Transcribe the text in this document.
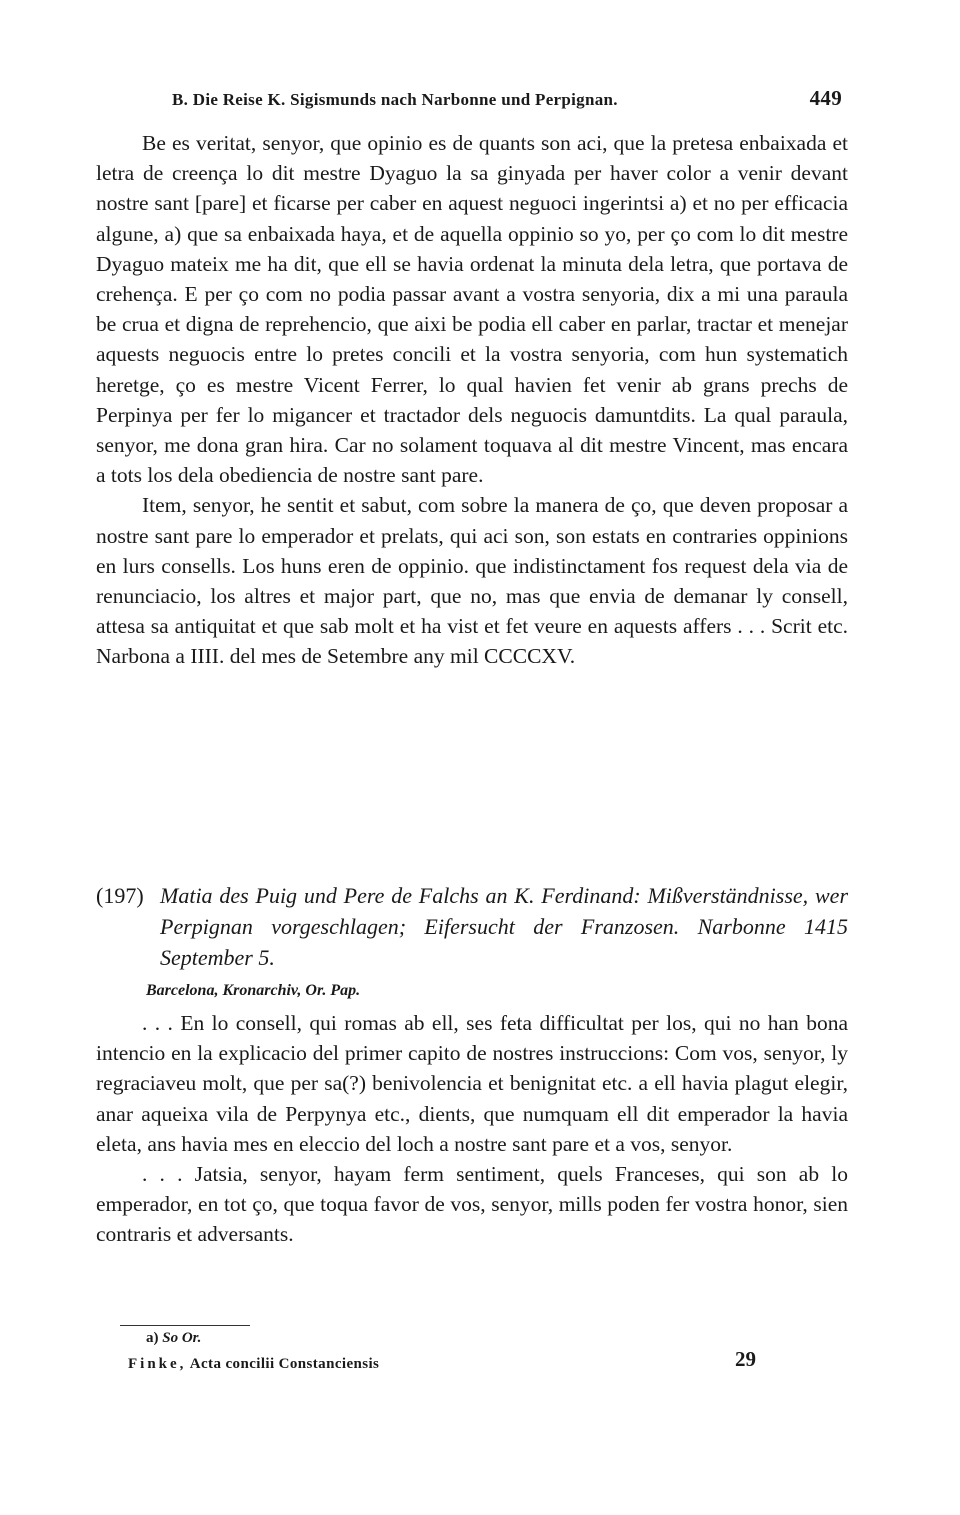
B. Die Reise K. Sigismunds nach Narbonne und Perpignan.	449

Be es veritat, senyor, que opinio es de quants son aci, que la pretesa enbaixada et letra de creença lo dit mestre Dyaguo la sa ginyada per haver color a venir devant nostre sant [pare] et ficarse per caber en aquest neguoci ingerintsi a) et no per efficacia algune, a) que sa enbaixada haya, et de aquella oppinio so yo, per ço com lo dit mestre Dyaguo mateix me ha dit, que ell se havia ordenat la minuta dela letra, que portava de crehença. E per ço com no podia passar avant a vostra senyoria, dix a mi una paraula be crua et digna de reprehencio, que aixi be podia ell caber en parlar, tractar et menejar aquests neguocis entre lo pretes concili et la vostra senyoria, com hun systematich heretge, ço es mestre Vicent Ferrer, lo qual havien fet venir ab grans prechs de Perpinya per fer lo migancer et tractador dels neguocis damuntdits. La qual paraula, senyor, me dona gran hira. Car no solament toquava al dit mestre Vincent, mas encara a tots los dela obediencia de nostre sant pare.

Item, senyor, he sentit et sabut, com sobre la manera de ço, que deven proposar a nostre sant pare lo emperador et prelats, qui aci son, son estats en contraries oppinions en lurs consells. Los huns eren de oppinio. que indistinctament fos request dela via de renunciacio, los altres et major part, que no, mas que envia de demanar ly consell, attesa sa antiquitat et que sab molt et ha vist et fet veure en aquests affers . . . Scrit etc. Narbona a IIII. del mes de Setembre any mil CCCCXV.

(197) Matia des Puig und Pere de Falchs an K. Ferdinand: Mißverständnisse, wer Perpignan vorgeschlagen; Eifersucht der Franzosen. Narbonne 1415 September 5.
Barcelona, Kronarchiv, Or. Pap.

. . . En lo consell, qui romas ab ell, ses feta difficultat per los, qui no han bona intencio en la explicacio del primer capito de nostres instruccions: Com vos, senyor, ly regraciaveu molt, que per sa(?) benivolencia et benignitat etc. a ell havia plagut elegir, anar aqueixa vila de Perpynya etc., dients, que numquam ell dit emperador la havia eleta, ans havia mes en eleccio del loch a nostre sant pare et a vos, senyor.

. . . Jatsia, senyor, hayam ferm sentiment, quels Franceses, qui son ab lo emperador, en tot ço, que toqua favor de vos, senyor, mills poden fer vostra honor, sien contraris et adversants.

a) So Or.
Finke, Acta concilii Constanciensis	29
